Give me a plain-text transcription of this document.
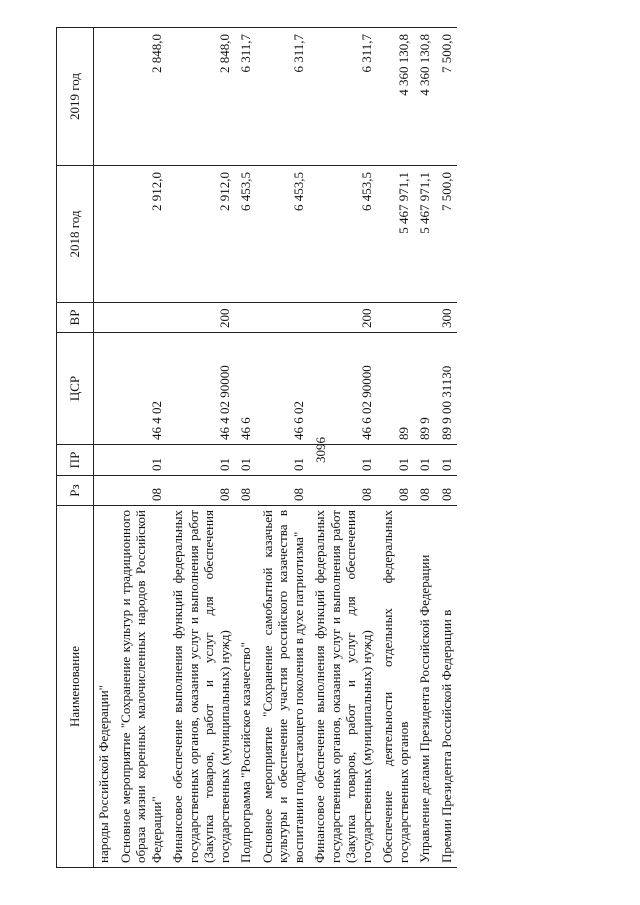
3096
Наименование	Рз	ПР	ЦСР	ВР	2018 год	2019 год
народы Российской Федерации"						
Основное мероприятие "Сохранение культур и традиционного образа жизни коренных малочисленных народов Российской Федерации"	08	01	46 4 02		2 912,0	2 848,0
Финансовое обеспечение выполнения функций федеральных государственных органов, оказания услуг и выполнения работ (Закупка товаров, работ и услуг для обеспечения государственных (муниципальных) нужд)	08	01	46 4 02 90000	200	2 912,0	2 848,0
Подпрограмма "Российское казачество"	08	01	46 6		6 453,5	6 311,7
Основное мероприятие "Сохранение самобытной казачьей культуры и обеспечение участия российского казачества в воспитании подрастающего поколения в духе патриотизма"	08	01	46 6 02		6 453,5	6 311,7
Финансовое обеспечение выполнения функций федеральных государственных органов, оказания услуг и выполнения работ (Закупка товаров, работ и услуг для обеспечения государственных (муниципальных) нужд)	08	01	46 6 02 90000	200	6 453,5	6 311,7
Обеспечение деятельности отдельных федеральных государственных органов	08	01	89		5 467 971,1	4 360 130,8
Управление делами Президента Российской Федерации	08	01	89 9		5 467 971,1	4 360 130,8
Премии Президента Российской Федерации в	08	01	89 9 00 31130	300	7 500,0	7 500,0
